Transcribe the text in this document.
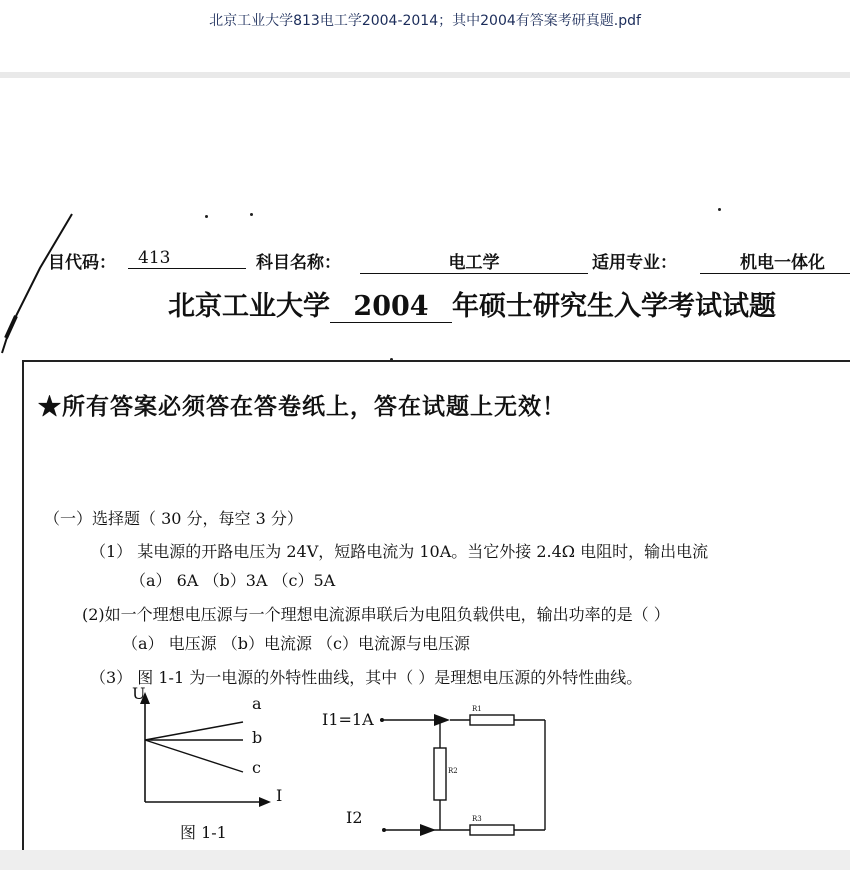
北京工业大学813电工学2004-2014；其中2004有答案考研真题.pdf
目代码：	413	科目名称：	电工学	适用专业：	机电一体化
北京工业大学 2004 年硕士研究生入学考试试题
★所有答案必须答在答卷纸上，答在试题上无效！
（一）选择题（ 30 分，每空 3 分）
（1） 某电源的开路电压为 24V，短路电流为 10A。当它外接 2.4Ω 电阻时，输出电流
（a） 6A （b）3A （c）5A
(2)如一个理想电压源与一个理想电流源串联后为电阻负载供电，输出功率的是（ ）
（a） 电压源 （b）电流源 （c）电流源与电压源
（3） 图 1-1 为一电源的外特性曲线，其中（ ）是理想电压源的外特性曲线。
U
I
a
b
c
图 1-1
R1
R2
R3
I1=1A
I2
